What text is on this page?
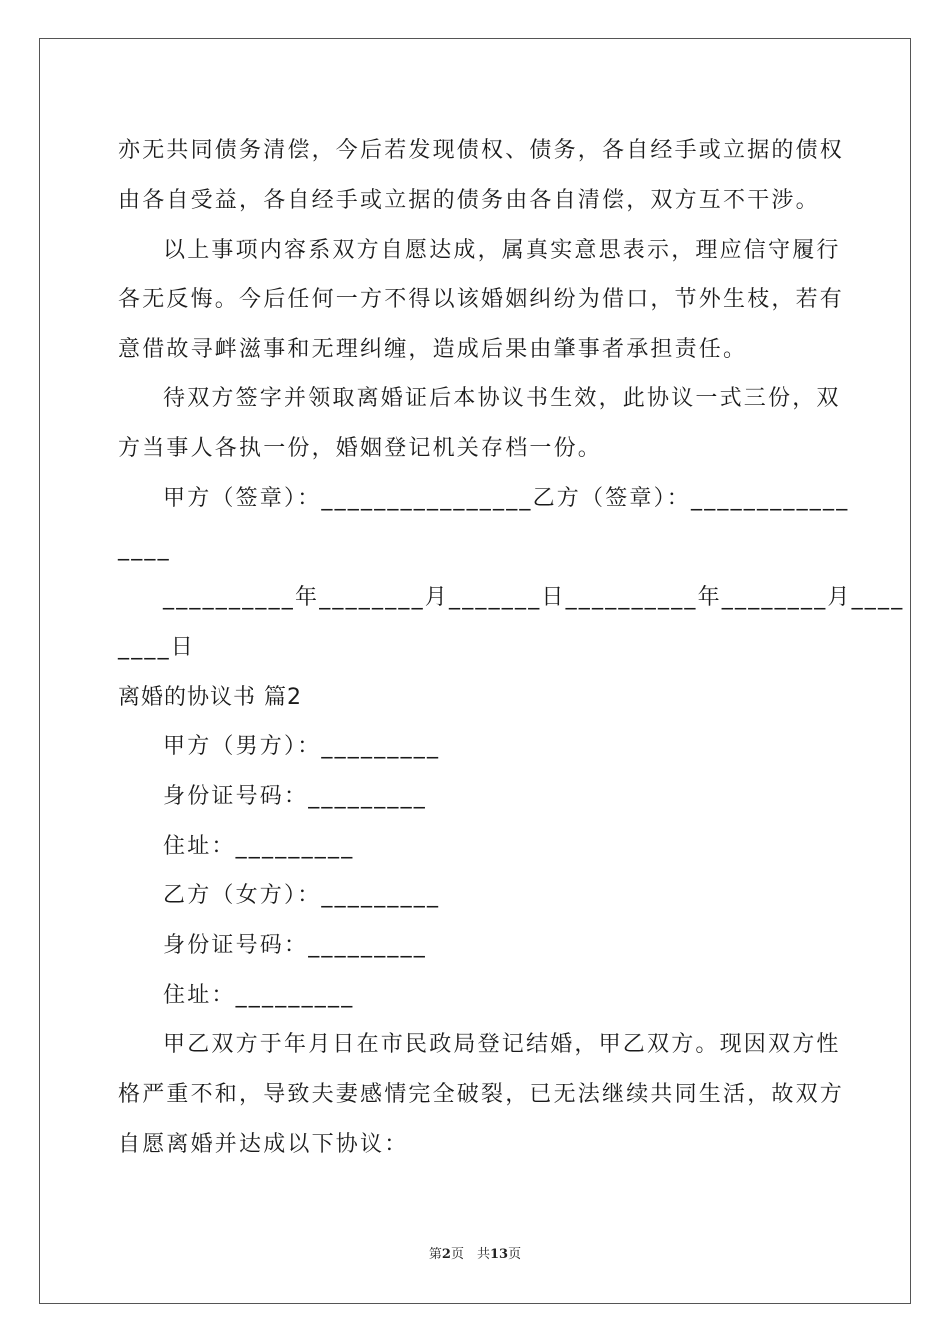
亦无共同债务清偿，今后若发现债权、债务，各自经手或立据的债权
由各自受益，各自经手或立据的债务由各自清偿，双方互不干涉。
以上事项内容系双方自愿达成，属真实意思表示，理应信守履行
各无反悔。今后任何一方不得以该婚姻纠纷为借口，节外生枝，若有
意借故寻衅滋事和无理纠缠，造成后果由肇事者承担责任。
待双方签字并领取离婚证后本协议书生效，此协议一式三份，双
方当事人各执一份，婚姻登记机关存档一份。
甲方（签章）：________________乙方（签章）：____________
____
__________年________月_______日__________年________月____
____日
离婚的协议书 篇2
甲方（男方）：_________
身份证号码：_________
住址：_________
乙方（女方）：_________
身份证号码：_________
住址：_________
甲乙双方于年月日在市民政局登记结婚，甲乙双方。现因双方性
格严重不和，导致夫妻感情完全破裂，已无法继续共同生活，故双方
自愿离婚并达成以下协议：
第2页　共13页
